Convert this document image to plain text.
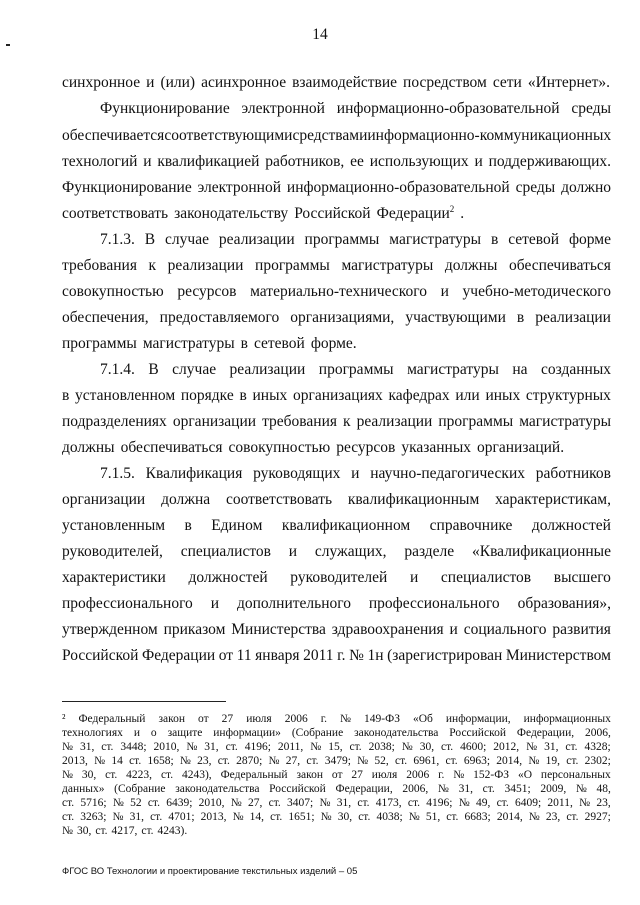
14
синхронное и (или) асинхронное взаимодействие посредством сети «Интернет».
Функционирование электронной информационно-образовательной среды
обеспечивается соответствующими средствами информационно-коммуникационных
технологий и квалификацией работников, ее использующих и поддерживающих.
Функционирование электронной информационно-образовательной среды должно
соответствовать законодательству Российской Федерации$^2$ .
7.1.3. В случае реализации программы магистратуры в сетевой форме
требования к реализации программы магистратуры должны обеспечиваться
совокупностью ресурсов материально-технического и учебно-методического
обеспечения, предоставляемого организациями, участвующими в реализации
программы магистратуры в сетевой форме.
7.1.4. В случае реализации программы магистратуры на созданных
в установленном порядке в иных организациях кафедрах или иных структурных
подразделениях организации требования к реализации программы магистратуры
должны обеспечиваться совокупностью ресурсов указанных организаций.
7.1.5. Квалификация руководящих и научно-педагогических работников
организации должна соответствовать квалификационным характеристикам,
установленным в Едином квалификационном справочнике должностей
руководителей, специалистов и служащих, разделе «Квалификационные
характеристики должностей руководителей и специалистов высшего
профессионального и дополнительного профессионального образования»,
утвержденном приказом Министерства здравоохранения и социального развития
Российской Федерации от 11 января 2011 г. № 1н (зарегистрирован Министерством
² Федеральный закон от 27 июля 2006 г. № 149-ФЗ «Об информации, информационных
технологиях и о защите информации» (Собрание законодательства Российской Федерации, 2006,
№ 31, ст. 3448; 2010, № 31, ст. 4196; 2011, № 15, ст. 2038; № 30, ст. 4600; 2012, № 31, ст. 4328;
2013, № 14 ст. 1658; № 23, ст. 2870; № 27, ст. 3479; № 52, ст. 6961, ст. 6963; 2014, № 19, ст. 2302;
№ 30, ст. 4223, ст. 4243), Федеральный закон от 27 июля 2006 г. № 152-ФЗ «О персональных
данных» (Собрание законодательства Российской Федерации, 2006, № 31, ст. 3451; 2009, № 48,
ст. 5716; № 52 ст. 6439; 2010, № 27, ст. 3407; № 31, ст. 4173, ст. 4196; № 49, ст. 6409; 2011, № 23,
ст. 3263; № 31, ст. 4701; 2013, № 14, ст. 1651; № 30, ст. 4038; № 51, ст. 6683; 2014, № 23, ст. 2927;
№ 30, ст. 4217, ст. 4243).
ФГОС ВО Технологии и проектирование текстильных изделий – 05
